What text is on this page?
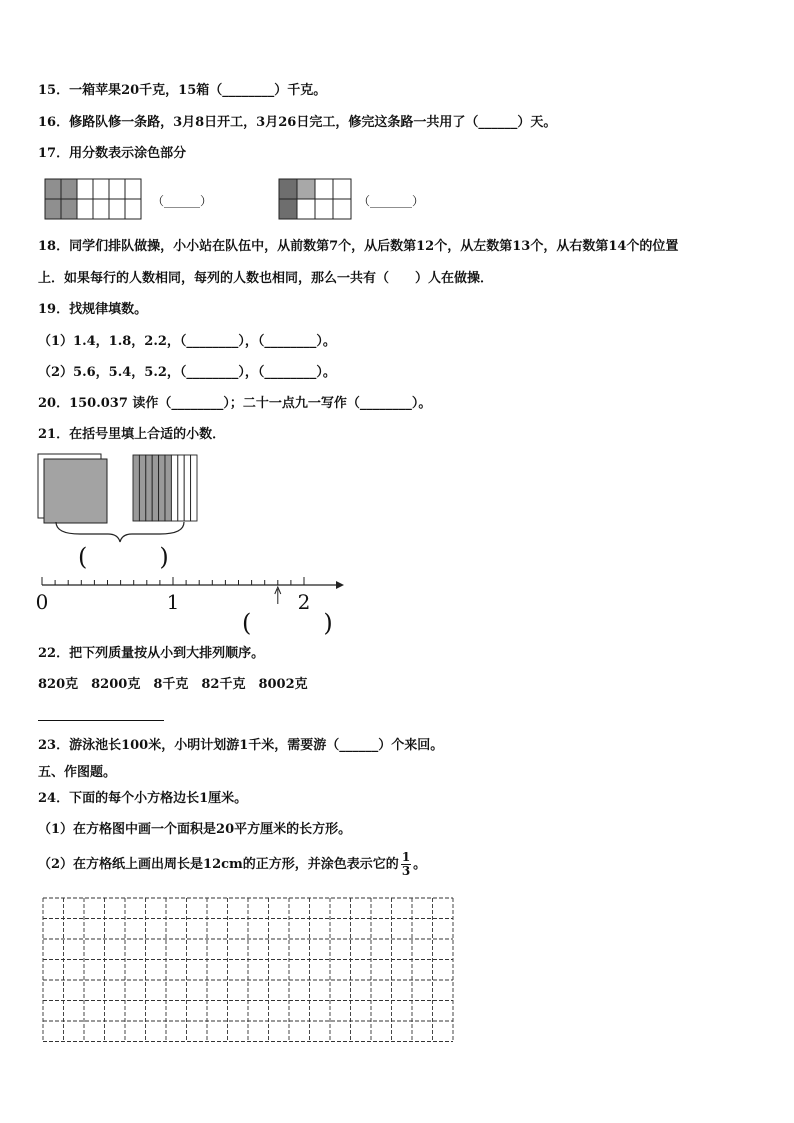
15．一箱苹果20千克，15箱（________）千克。
16．修路队修一条路，3月8日开工，3月26日完工，修完这条路一共用了（______）天。
17．用分数表示涂色部分
（______）	（_______）
18．同学们排队做操，小小站在队伍中，从前数第7个，从后数第12个，从左数第13个，从右数第14个的位置
上．如果每行的人数相同，每列的人数也相同，那么一共有（　　）人在做操．
19．找规律填数。
（1）1.4，1.8，2.2，（________），（________）。
（2）5.6，5.4，5.2，（________），（________）。
20．150.037 读作（________）；二十一点九一写作（________）。
21．在括号里填上合适的小数．
(　　　)
0	1	2
(　　　)
22．把下列质量按从小到大排列顺序。
820克　8200克　8千克　82千克　8002克
23．游泳池长100米，小明计划游1千米，需要游（______）个来回。
五、作图题。
24．下面的每个小方格边长1厘米。
（1）在方格图中画一个面积是20平方厘米的长方形。
（2）在方格纸上画出周长是12cm的正方形，并涂色表示它的 $\frac{1}{3}$ 。
